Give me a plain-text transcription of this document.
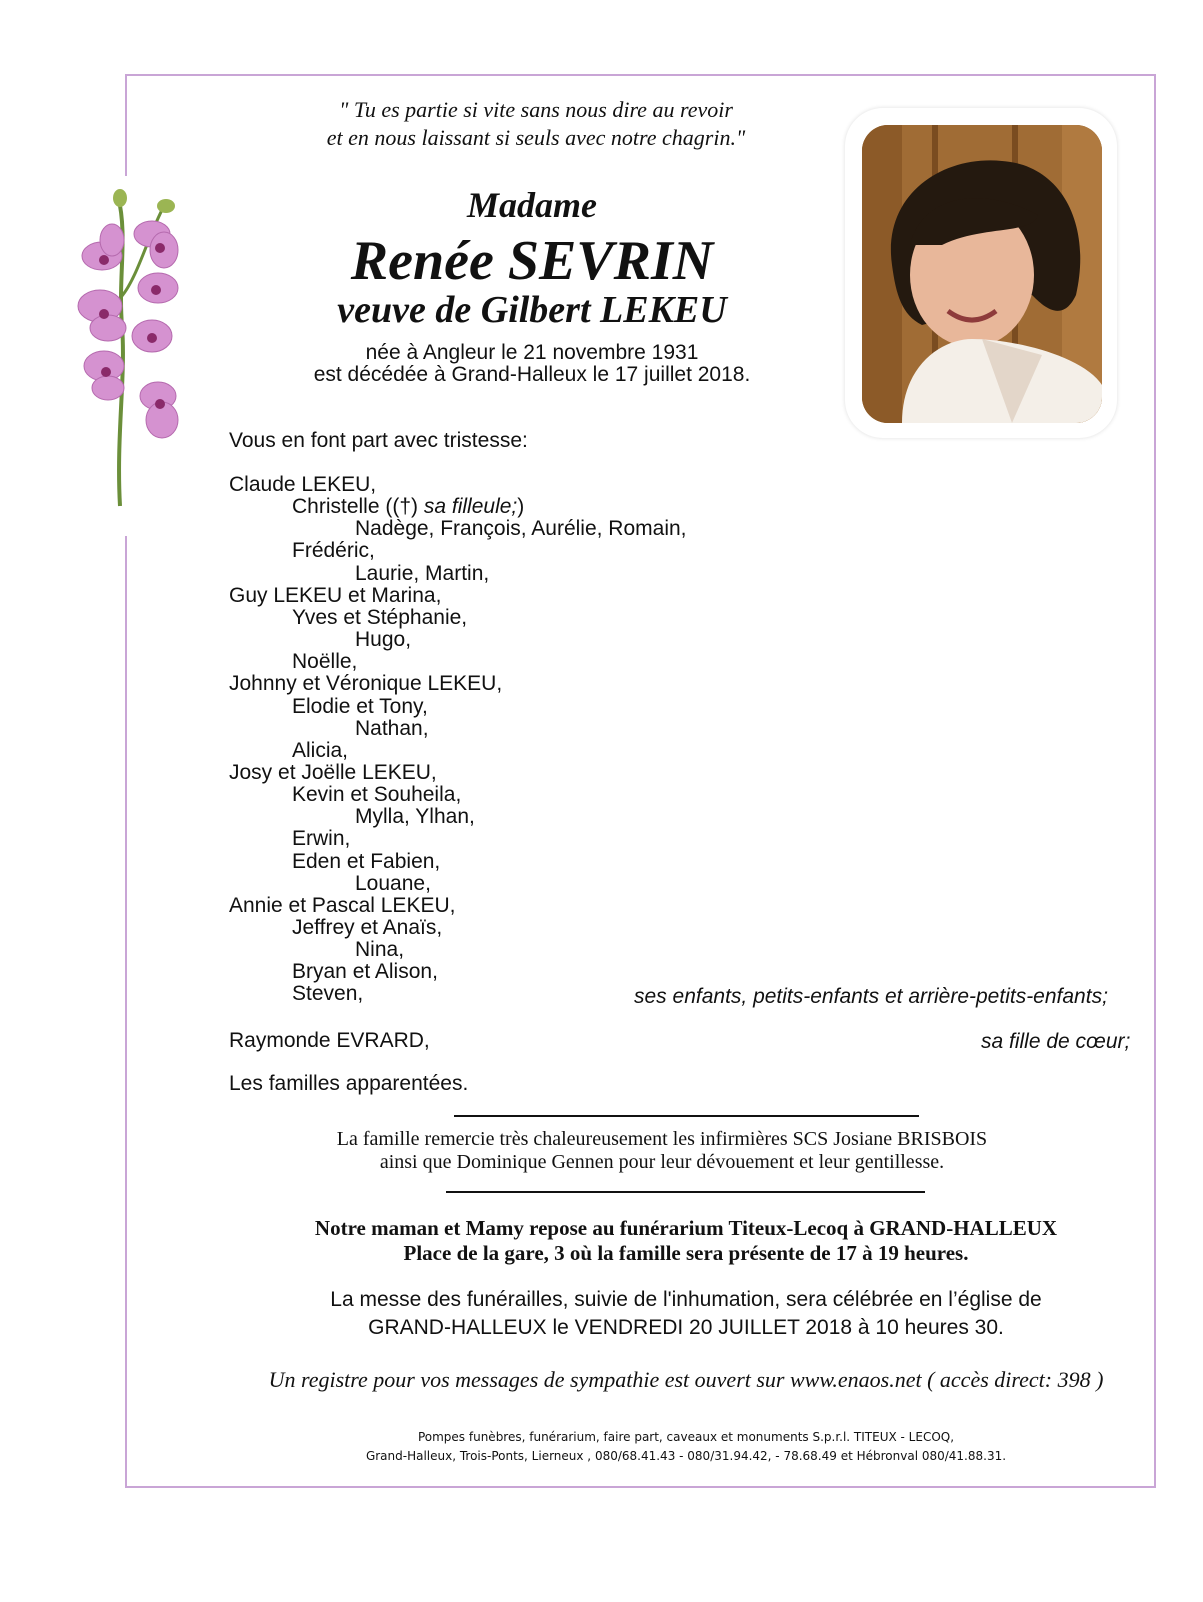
" Tu es partie si vite sans nous dire au revoir
et en nous laissant si seuls avec notre chagrin."
Madame
Renée SEVRIN
veuve de Gilbert LEKEU
née à Angleur le 21 novembre 1931
est décédée à Grand-Halleux le 17 juillet 2018.
Vous en font part avec tristesse:
Claude LEKEU,
Christelle ((†) sa filleule;)
Nadège, François, Aurélie, Romain,
Frédéric,
Laurie, Martin,
Guy LEKEU et Marina,
Yves et Stéphanie,
Hugo,
Noëlle,
Johnny et Véronique LEKEU,
Elodie et Tony,
Nathan,
Alicia,
Josy et Joëlle LEKEU,
Kevin et Souheila,
Mylla, Ylhan,
Erwin,
Eden et Fabien,
Louane,
Annie et Pascal LEKEU,
Jeffrey et Anaïs,
Nina,
Bryan et Alison,
Steven,	ses enfants, petits-enfants et arrière-petits-enfants;
Raymonde EVRARD,	sa fille de cœur;
Les familles apparentées.
La famille remercie très chaleureusement les infirmières SCS Josiane BRISBOIS
ainsi que Dominique Gennen pour leur dévouement et leur gentillesse.
Notre maman et Mamy repose au funérarium Titeux-Lecoq à GRAND-HALLEUX
Place de la gare, 3 où la famille sera présente de 17 à 19 heures.
La messe des funérailles, suivie de l'inhumation, sera célébrée en l’église de
GRAND-HALLEUX le VENDREDI 20 JUILLET 2018 à 10 heures 30.
Un registre pour vos messages de sympathie est ouvert sur www.enaos.net ( accès direct: 398 )
Pompes funèbres, funérarium, faire part, caveaux et monuments S.p.r.l. TITEUX - LECOQ,
Grand-Halleux, Trois-Ponts, Lierneux , 080/68.41.43 - 080/31.94.42, - 78.68.49 et Hébronval 080/41.88.31.
